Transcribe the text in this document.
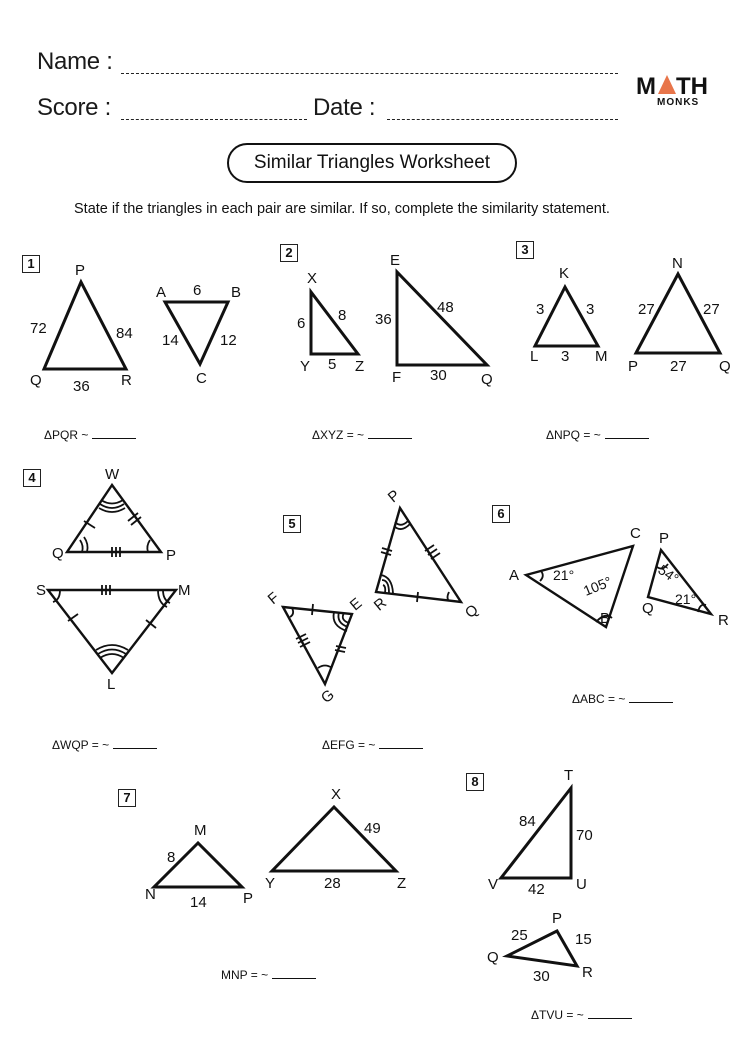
Name :
Score :	Date :
M TH
MONKS
Similar Triangles Worksheet
State if the triangles in each pair are similar. If so, complete the similarity statement.
1
2	3
4
5
6
7
8
P
Q	R
72	84
36
A	B
C
6
14	12
ΔPQR ~
X
Y	Z
6 8
5
E
F	Q
36
48
30
ΔXYZ = ~
K
L	M
3	3
3
N
P	Q
27	27
27
ΔNPQ = ~
W
Q	P
S	M
L
ΔWQP = ~
P
R	Q
F	E
G
ΔEFG = ~
A
B
C
21° 105°
P
Q
R
54°
21°
ΔABC = ~
M
N	P
8
14
X
Y	Z
49
28
MNP = ~
T
V	U
84
70
42
P
Q
R
25	15
30
ΔTVU = ~
